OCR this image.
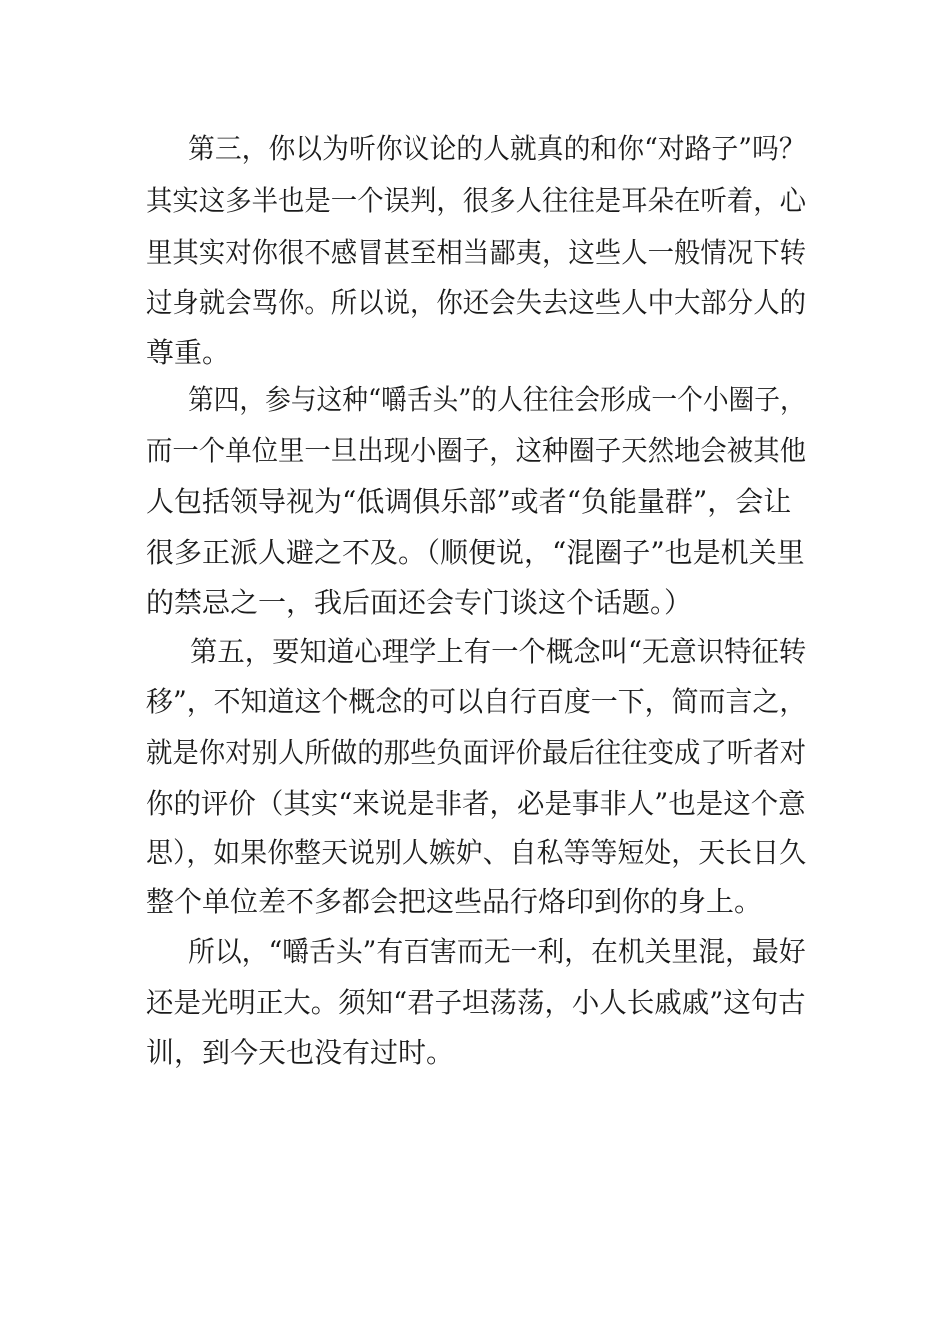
第三，你以为听你议论的人就真的和你“对路子”吗？
其实这多半也是一个误判，很多人往往是耳朵在听着，心
里其实对你很不感冒甚至相当鄙夷，这些人一般情况下转
过身就会骂你。所以说，你还会失去这些人中大部分人的
尊重。
第四，参与这种“嚼舌头”的人往往会形成一个小圈子，
而一个单位里一旦出现小圈子，这种圈子天然地会被其他
人包括领导视为“低调俱乐部”或者“负能量群”，会让
很多正派人避之不及。（顺便说，“混圈子”也是机关里
的禁忌之一，我后面还会专门谈这个话题。）
第五，要知道心理学上有一个概念叫“无意识特征转
移”，不知道这个概念的可以自行百度一下，简而言之，
就是你对别人所做的那些负面评价最后往往变成了听者对
你的评价（其实“来说是非者，必是事非人”也是这个意
思），如果你整天说别人嫉妒、自私等等短处，天长日久
整个单位差不多都会把这些品行烙印到你的身上。
所以，“嚼舌头”有百害而无一利，在机关里混，最好
还是光明正大。须知“君子坦荡荡，小人长戚戚”这句古
训，到今天也没有过时。
